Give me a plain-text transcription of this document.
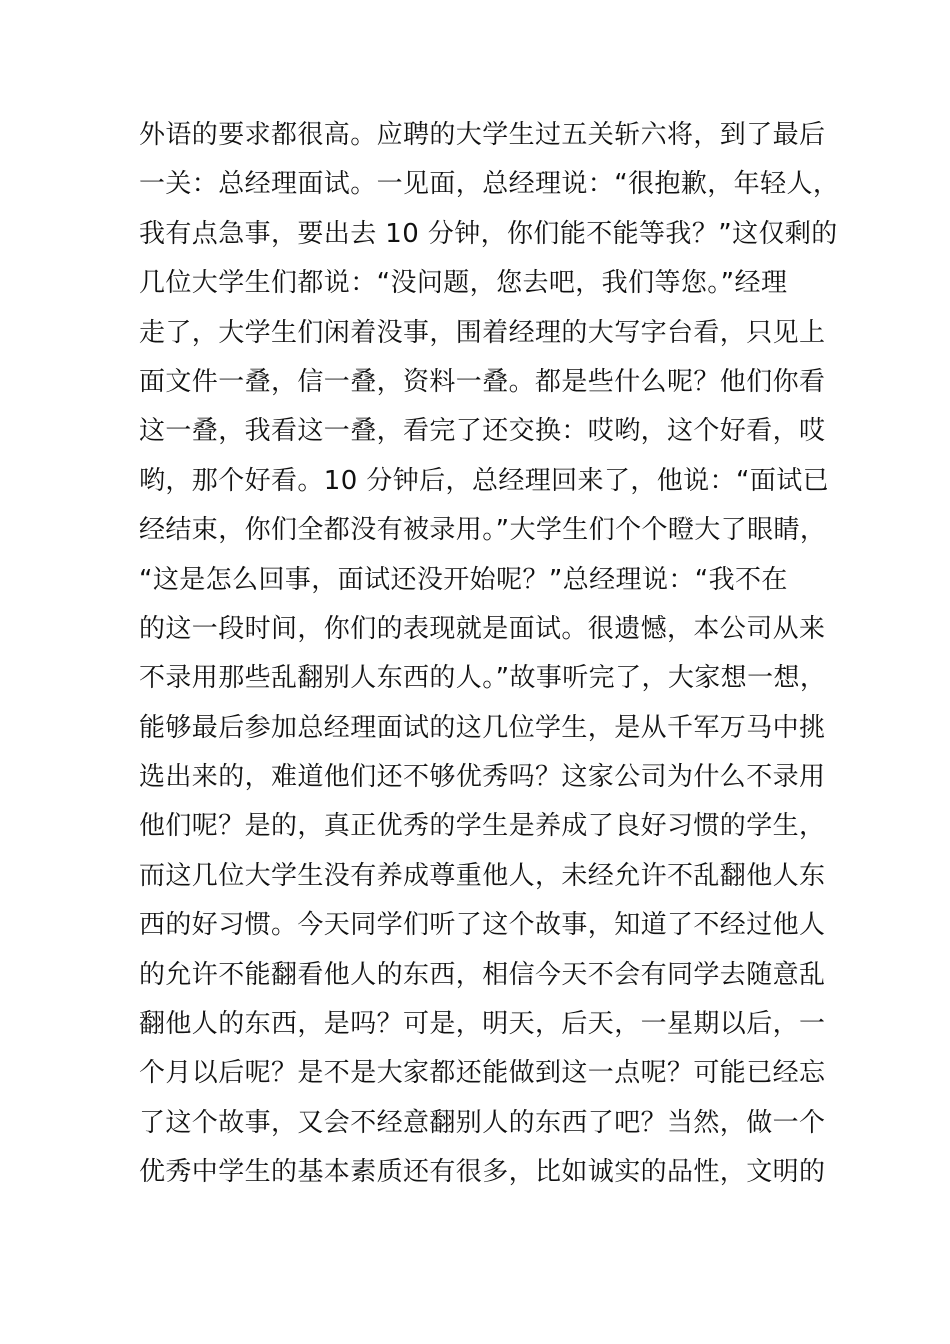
外语的要求都很高。应聘的大学生过五关斩六将，到了最后
一关：总经理面试。一见面，总经理说：“很抱歉，年轻人，
我有点急事，要出去 10 分钟，你们能不能等我？”这仅剩的
几位大学生们都说：“没问题，您去吧，我们等您。”经理
走了，大学生们闲着没事，围着经理的大写字台看，只见上
面文件一叠，信一叠，资料一叠。都是些什么呢？他们你看
这一叠，我看这一叠，看完了还交换：哎哟，这个好看，哎
哟，那个好看。10 分钟后，总经理回来了，他说：“面试已
经结束，你们全都没有被录用。”大学生们个个瞪大了眼睛，
“这是怎么回事，面试还没开始呢？”总经理说：“我不在
的这一段时间，你们的表现就是面试。很遗憾，本公司从来
不录用那些乱翻别人东西的人。”故事听完了，大家想一想，
能够最后参加总经理面试的这几位学生，是从千军万马中挑
选出来的，难道他们还不够优秀吗？这家公司为什么不录用
他们呢？是的，真正优秀的学生是养成了良好习惯的学生，
而这几位大学生没有养成尊重他人，未经允许不乱翻他人东
西的好习惯。今天同学们听了这个故事，知道了不经过他人
的允许不能翻看他人的东西，相信今天不会有同学去随意乱
翻他人的东西，是吗？可是，明天，后天，一星期以后，一
个月以后呢？是不是大家都还能做到这一点呢？可能已经忘
了这个故事，又会不经意翻别人的东西了吧？当然，做一个
优秀中学生的基本素质还有很多，比如诚实的品性，文明的
